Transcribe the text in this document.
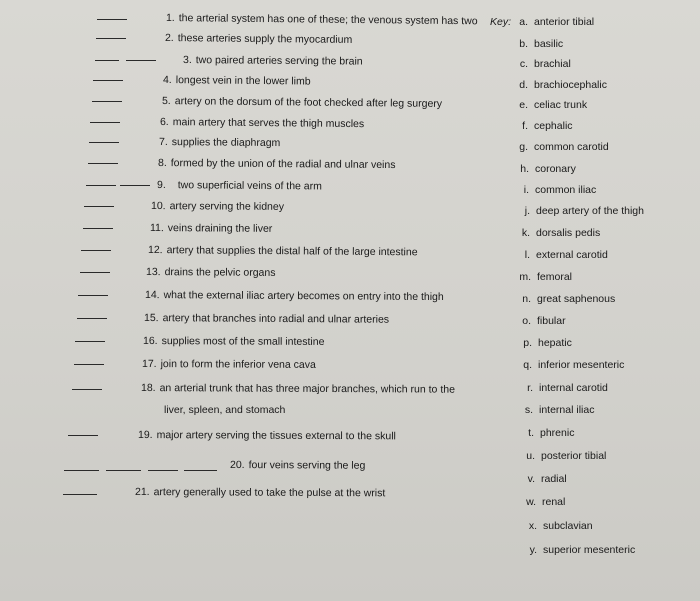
1. the arterial system has one of these; the venous system has two
2. these arteries supply the myocardium
3. two paired arteries serving the brain
4. longest vein in the lower limb
5. artery on the dorsum of the foot checked after leg surgery
6. main artery that serves the thigh muscles
7. supplies the diaphragm
8. formed by the union of the radial and ulnar veins
9. two superficial veins of the arm
10. artery serving the kidney
11. veins draining the liver
12. artery that supplies the distal half of the large intestine
13. drains the pelvic organs
14. what the external iliac artery becomes on entry into the thigh
15. artery that branches into radial and ulnar arteries
16. supplies most of the small intestine
17. join to form the inferior vena cava
18. an arterial trunk that has three major branches, which run to the
liver, spleen, and stomach
19. major artery serving the tissues external to the skull
20. four veins serving the leg
21. artery generally used to take the pulse at the wrist
Key: a. anterior tibial
b. basilic
c. brachial
d. brachiocephalic
e. celiac trunk
f. cephalic
g. common carotid
h. coronary
i. common iliac
j. deep artery of the thigh
k. dorsalis pedis
l. external carotid
m. femoral
n. great saphenous
o. fibular
p. hepatic
q. inferior mesenteric
r. internal carotid
s. internal iliac
t. phrenic
u. posterior tibial
v. radial
w. renal
x. subclavian
y. superior mesenteric
